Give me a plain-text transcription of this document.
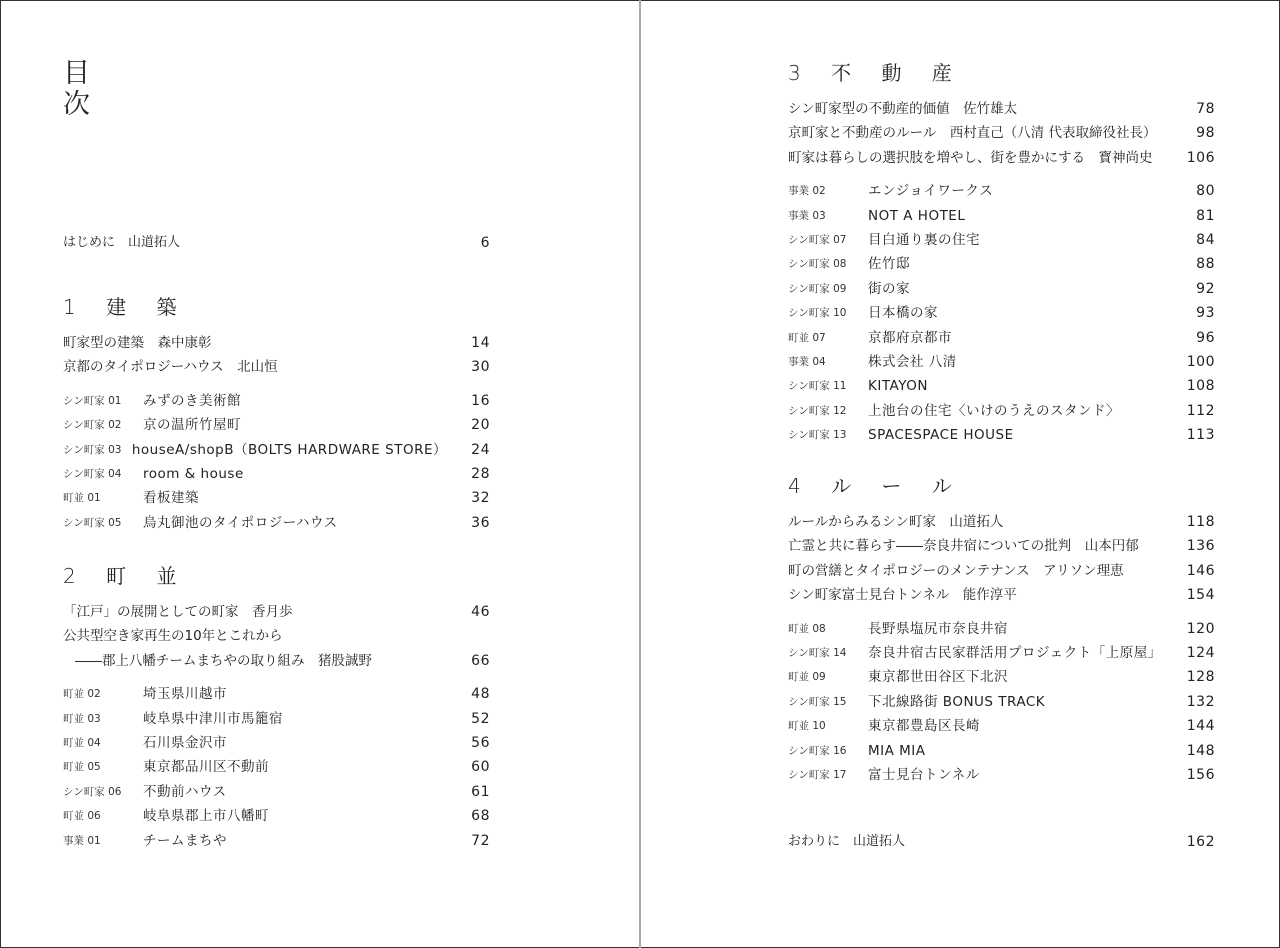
目
次
はじめに　山道拓人	6
1 建 築
町家型の建築　森中康彰	14
京都のタイポロジーハウス　北山恒	30
シン町家 01	みずのき美術館	16
シン町家 02	京の温所竹屋町	20
シン町家 03 houseA/shopB（BOLTS HARDWARE STORE）	24
シン町家 04	room & house	28
町並 01	看板建築	32
シン町家 05	烏丸御池のタイポロジーハウス	36
2 町 並
「江戸」の展開としての町家　香月歩	46
公共型空き家再生の10年とこれから
――郡上八幡チームまちやの取り組み　猪股誠野	66
町並 02	埼玉県川越市	48
町並 03	岐阜県中津川市馬籠宿	52
町並 04	石川県金沢市	56
町並 05	東京都品川区不動前	60
シン町家 06	不動前ハウス	61
町並 06	岐阜県郡上市八幡町	68
事業 01	チームまちや	72
3 不 動 産
シン町家型の不動産的価値　佐竹雄太	78
京町家と不動産のルール　西村直己（八清 代表取締役社長）	98
町家は暮らしの選択肢を増やし、街を豊かにする　寳神尚史	106
事業 02	エンジョイワークス	80
事業 03	NOT A HOTEL	81
シン町家 07	目白通り裏の住宅	84
シン町家 08	佐竹邸	88
シン町家 09	街の家	92
シン町家 10	日本橋の家	93
町並 07	京都府京都市	96
事業 04	株式会社 八清	100
シン町家 11	KITAYON	108
シン町家 12	上池台の住宅〈いけのうえのスタンド〉	112
シン町家 13	SPACESPACE HOUSE	113
4 ル ー ル
ルールからみるシン町家　山道拓人	118
亡霊と共に暮らす――奈良井宿についての批判　山本円郁	136
町の営繕とタイポロジーのメンテナンス　アリソン理恵	146
シン町家富士見台トンネル　能作淳平	154
町並 08	長野県塩尻市奈良井宿	120
シン町家 14	奈良井宿古民家群活用プロジェクト「上原屋」	124
町並 09	東京都世田谷区下北沢	128
シン町家 15	下北線路街 BONUS TRACK	132
町並 10	東京都豊島区長崎	144
シン町家 16	MIA MIA	148
シン町家 17	富士見台トンネル	156
おわりに　山道拓人	162
